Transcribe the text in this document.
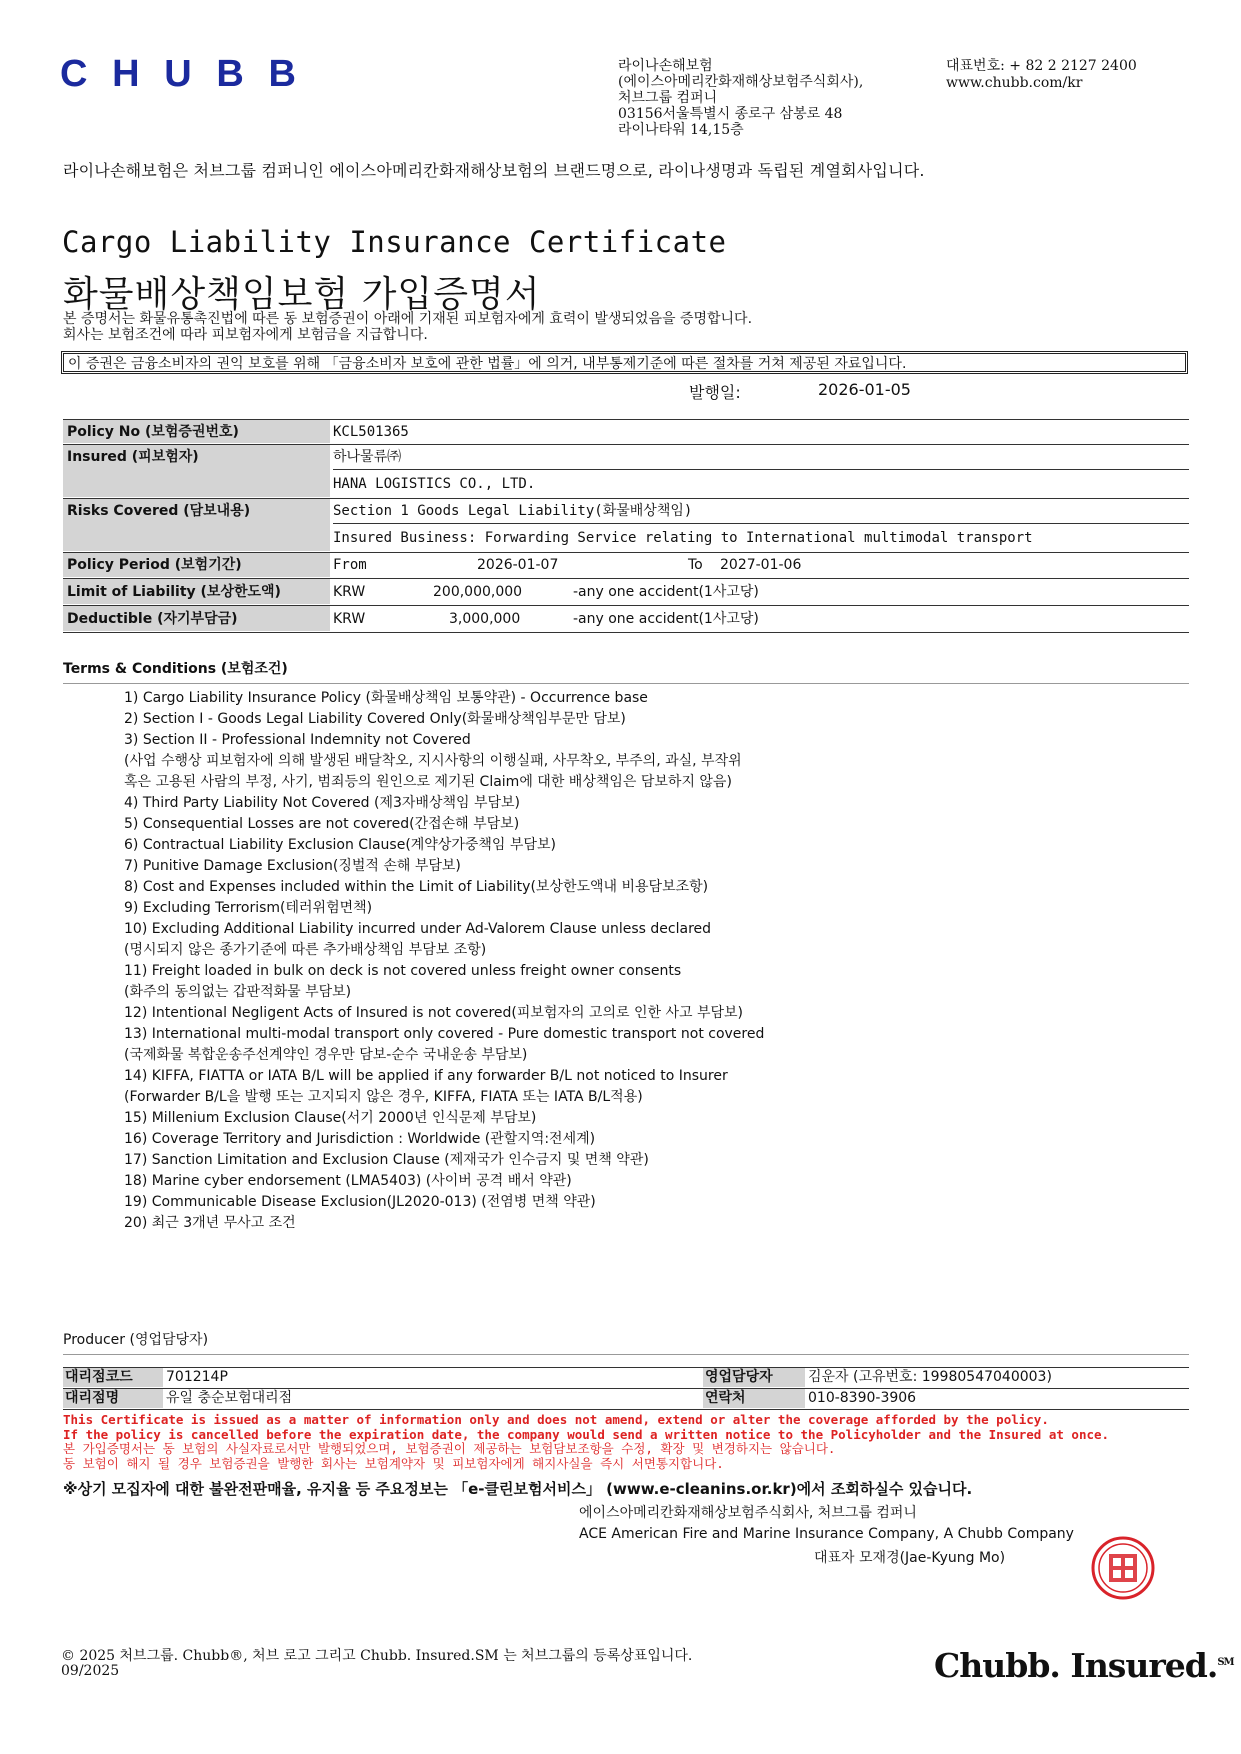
CHUBB	라이나손해보험
(에이스아메리칸화재해상보험주식회사),
처브그룹 컴퍼니
03156서울특별시 종로구 삼봉로 48
라이나타워 14,15층
대표번호: + 82 2 2127 2400
www.chubb.com/kr
라이나손해보험은 처브그룹 컴퍼니인 에이스아메리칸화재해상보험의 브랜드명으로, 라이나생명과 독립된 계열회사입니다.
Cargo Liability Insurance Certificate
화물배상책임보험 가입증명서
본 증명서는 화물유통촉진법에 따른 동 보험증권이 아래에 기재된 피보험자에게 효력이 발생되었음을 증명합니다.
회사는 보험조건에 따라 피보험자에게 보험금을 지급합니다.
이 증권은 금융소비자의 권익 보호를 위해 「금융소비자 보호에 관한 법률」에 의거, 내부통제기준에 따른 절차를 거쳐 제공된 자료입니다.
발행일:	2026-01-05
Policy No (보험증권번호)	KCL501365
Insured (피보험자)	하나물류㈜
HANA LOGISTICS CO., LTD.
Risks Covered (담보내용)	Section 1 Goods Legal Liability(화물배상책임)
Insured Business: Forwarding Service relating to International multimodal transport
Policy Period (보험기간)	From	2026-01-07	To 2027-01-06
Limit of Liability (보상한도액)	KRW	200,000,000	-any one accident(1사고당)
Deductible (자기부담금)	KRW	3,000,000	-any one accident(1사고당)
Terms & Conditions (보험조건)
1) Cargo Liability Insurance Policy (화물배상책임 보통약관) - Occurrence base
2) Section I - Goods Legal Liability Covered Only(화물배상책임부문만 담보)
3) Section II - Professional Indemnity not Covered
(사업 수행상 피보험자에 의해 발생된 배달착오, 지시사항의 이행실패, 사무착오, 부주의, 과실, 부작위
혹은 고용된 사람의 부정, 사기, 범죄등의 원인으로 제기된 Claim에 대한 배상책임은 담보하지 않음)
4) Third Party Liability Not Covered (제3자배상책임 부담보)
5) Consequential Losses are not covered(간접손해 부담보)
6) Contractual Liability Exclusion Clause(계약상가중책임 부담보)
7) Punitive Damage Exclusion(징벌적 손해 부담보)
8) Cost and Expenses included within the Limit of Liability(보상한도액내 비용담보조항)
9) Excluding Terrorism(테러위험면책)
10) Excluding Additional Liability incurred under Ad-Valorem Clause unless declared
(명시되지 않은 종가기준에 따른 추가배상책임 부담보 조항)
11) Freight loaded in bulk on deck is not covered unless freight owner consents
(화주의 동의없는 갑판적화물 부담보)
12) Intentional Negligent Acts of Insured is not covered(피보험자의 고의로 인한 사고 부담보)
13) International multi-modal transport only covered - Pure domestic transport not covered
(국제화물 복합운송주선계약인 경우만 담보-순수 국내운송 부담보)
14) KIFFA, FIATTA or IATA B/L will be applied if any forwarder B/L not noticed to Insurer
(Forwarder B/L을 발행 또는 고지되지 않은 경우, KIFFA, FIATA 또는 IATA B/L적용)
15) Millenium Exclusion Clause(서기 2000년 인식문제 부담보)
16) Coverage Territory and Jurisdiction : Worldwide (관할지역:전세계)
17) Sanction Limitation and Exclusion Clause (제재국가 인수금지 및 면책 약관)
18) Marine cyber endorsement (LMA5403) (사이버 공격 배서 약관)
19) Communicable Disease Exclusion(JL2020-013) (전염병 면책 약관)
20) 최근 3개년 무사고 조건
Producer (영업담당자)
대리점코드	701214P	영업담당자	김운자 (고유번호: 19980547040003)
대리점명	유일 충순보험대리점	연락처	010-8390-3906
This Certificate is issued as a matter of information only and does not amend, extend or alter the coverage afforded by the policy.
If the policy is cancelled before the expiration date, the company would send a written notice to the Policyholder and the Insured at once.
본 가입증명서는 동 보험의 사실자료로서만 발행되었으며, 보험증권이 제공하는 보험담보조항을 수정, 확장 및 변경하지는 않습니다.
동 보험이 해지 될 경우 보험증권을 발행한 회사는 보험계약자 및 피보험자에게 해지사실을 즉시 서면통지합니다.
※상기 모집자에 대한 불완전판매율, 유지율 등 주요정보는 「e-클린보험서비스」 (www.e-cleanins.or.kr)에서 조회하실수 있습니다.
에이스아메리칸화재해상보험주식회사, 처브그룹 컴퍼니
ACE American Fire and Marine Insurance Company, A Chubb Company
대표자 모재경(Jae-Kyung Mo)
© 2025 처브그룹. Chubb®, 처브 로고 그리고 Chubb. Insured.SM 는 처브그룹의 등록상표입니다.
09/2025	Chubb. Insured.℠
